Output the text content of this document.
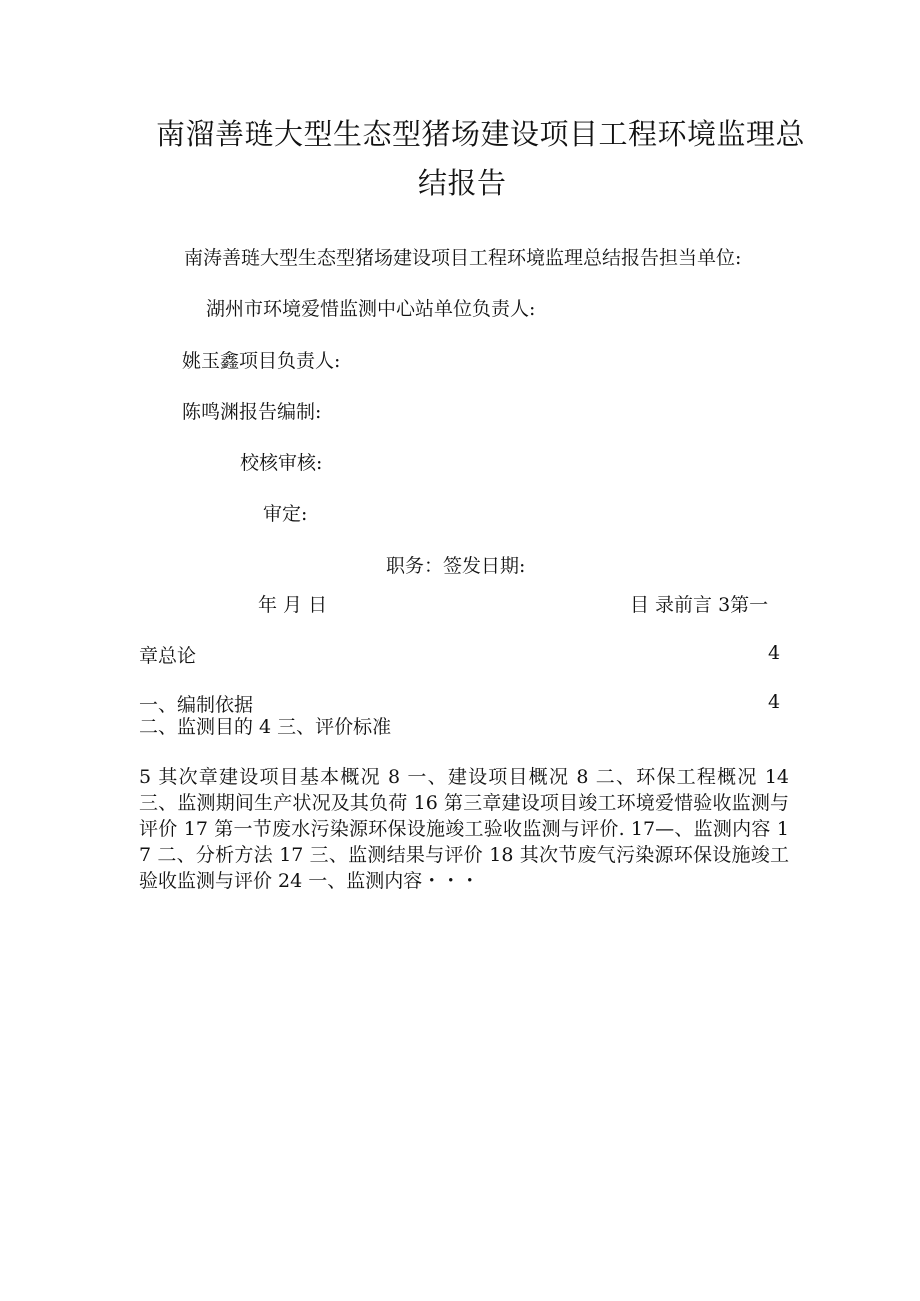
南溜善琏大型生态型猪场建设项目工程环境监理总
结报告
南涛善琏大型生态型猪场建设项目工程环境监理总结报告担当单位:
湖州市环境爱惜监测中心站单位负责人:
姚玉鑫项目负责人:
陈鸣渊报告编制:
校核审核:
审定:
职务：签发日期:
年 月 日	目 录前言 3第一
章总论	4
一、编制依据	4
二、监测目的 4 三、评价标准
5 其次章建设项目基本概况 8 一、建设项目概况 8 二、环保工程概况 14 三、监测期间生产状况及其负荷 16 第三章建设项目竣工环境爱惜验收监测与评价 17 第一节废水污染源环保设施竣工验收监测与评价. 17—、监测内容 17 二、分析方法 17 三、监测结果与评价 18 其次节废气污染源环保设施竣工验收监测与评价 24 一、监测内容・・・
